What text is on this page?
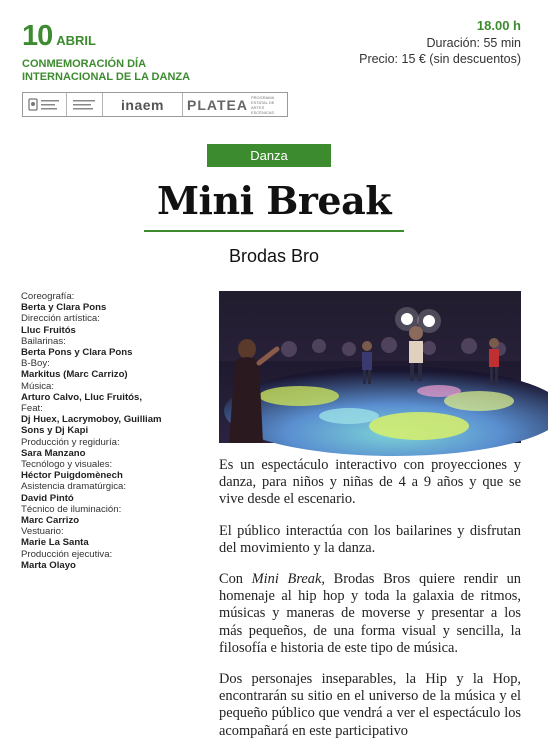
10 ABRIL
CONMEMORACIÓN DÍA
INTERNACIONAL DE LA DANZA
18.00 h
Duración: 55 min
Precio: 15 € (sin descuentos)
inaem PLATEA PROGRAMA ESTATAL DE ARTES ESCÉNICAS
Danza
Mini Break
Brodas Bro
Coreografía:
Berta y Clara Pons
Dirección artística:
Lluc Fruitós
Bailarinas:
Berta Pons y Clara Pons
B-Boy:
Markitus (Marc Carrizo)
Música:
Arturo Calvo, Lluc Fruitós,
Feat:
Dj Huex, Lacrymoboy, Guilliam
Sons y Dj Kapi
Producción y regiduría:
Sara Manzano
Tecnólogo y visuales:
Héctor Puigdomènech
Asistencia dramatúrgica:
David Pintó
Técnico de iluminación:
Marc Carrizo
Vestuario:
Marie La Santa
Producción ejecutiva:
Marta Olayo

Es un espectáculo interactivo con proyecciones y danza, para niños y niñas de 4 a 9 años y que se vive desde el escenario.

El público interactúa con los bailarines y disfrutan del movimiento y la danza.

Con Mini Break, Brodas Bros quiere rendir un homenaje al hip hop y toda la galaxia de ritmos, músicas y maneras de moverse y presentar a los más pequeños, de una forma visual y sencilla, la filosofía e historia de este tipo de música.

Dos personajes inseparables, la Hip y la Hop, encontrarán su sitio en el universo de la música y el pequeño público que vendrá a ver el espectáculo los acompañará en este participativo
